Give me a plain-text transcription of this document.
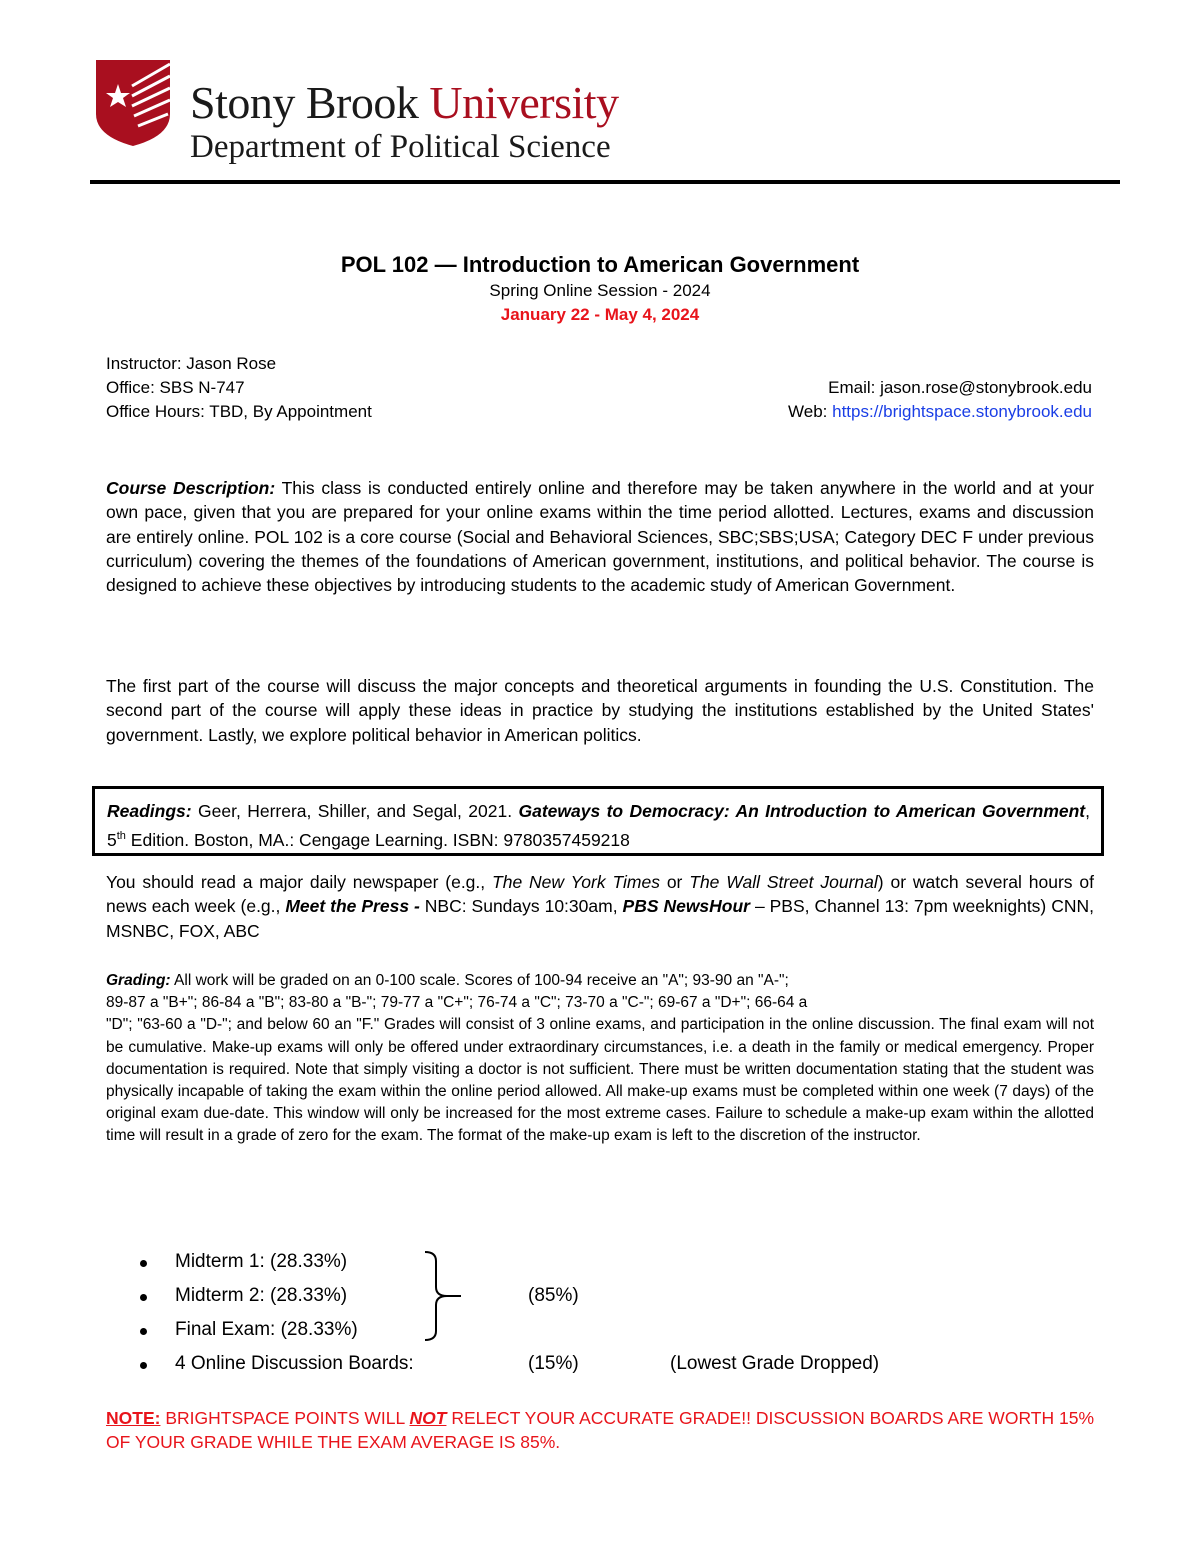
Stony Brook University
Department of Political Science
POL 102 — Introduction to American Government
Spring Online Session - 2024
January 22 - May 4, 2024
Instructor: Jason Rose
Office: SBS N-747	Email: jason.rose@stonybrook.edu
Office Hours: TBD, By Appointment	Web: https://brightspace.stonybrook.edu
Course Description: This class is conducted entirely online and therefore may be taken anywhere in the world and at your own pace, given that you are prepared for your online exams within the time period allotted. Lectures, exams and discussion are entirely online. POL 102 is a core course (Social and Behavioral Sciences, SBC;SBS;USA; Category DEC F under previous curriculum) covering the themes of the foundations of American government, institutions, and political behavior. The course is designed to achieve these objectives by introducing students to the academic study of American Government.
The first part of the course will discuss the major concepts and theoretical arguments in founding the U.S. Constitution. The second part of the course will apply these ideas in practice by studying the institutions established by the United States' government. Lastly, we explore political behavior in American politics.
Readings: Geer, Herrera, Shiller, and Segal, 2021. Gateways to Democracy: An Introduction to American Government, 5th Edition. Boston, MA.: Cengage Learning. ISBN: 9780357459218
You should read a major daily newspaper (e.g., The New York Times or The Wall Street Journal) or watch several hours of news each week (e.g., Meet the Press - NBC: Sundays 10:30am, PBS NewsHour – PBS, Channel 13: 7pm weeknights) CNN, MSNBC, FOX, ABC
Grading: All work will be graded on an 0-100 scale. Scores of 100-94 receive an "A"; 93-90 an "A-";
89-87 a "B+"; 86-84 a "B"; 83-80 a "B-"; 79-77 a "C+"; 76-74 a "C"; 73-70 a "C-"; 69-67 a "D+"; 66-64 a
"D"; "63-60 a "D-"; and below 60 an "F." Grades will consist of 3 online exams, and participation in the online discussion. The final exam will not be cumulative. Make-up exams will only be offered under extraordinary circumstances, i.e. a death in the family or medical emergency. Proper documentation is required. Note that simply visiting a doctor is not sufficient. There must be written documentation stating that the student was physically incapable of taking the exam within the online period allowed. All make-up exams must be completed within one week (7 days) of the original exam due-date. This window will only be increased for the most extreme cases. Failure to schedule a make-up exam within the allotted time will result in a grade of zero for the exam. The format of the make-up exam is left to the discretion of the instructor.
Midterm 1: (28.33%)
Midterm 2: (28.33%)
Final Exam: (28.33%)
4 Online Discussion Boards:	(15%)	(Lowest Grade Dropped)
(85%)
NOTE: BRIGHTSPACE POINTS WILL NOT RELECT YOUR ACCURATE GRADE!! DISCUSSION BOARDS ARE WORTH 15% OF YOUR GRADE WHILE THE EXAM AVERAGE IS 85%.
